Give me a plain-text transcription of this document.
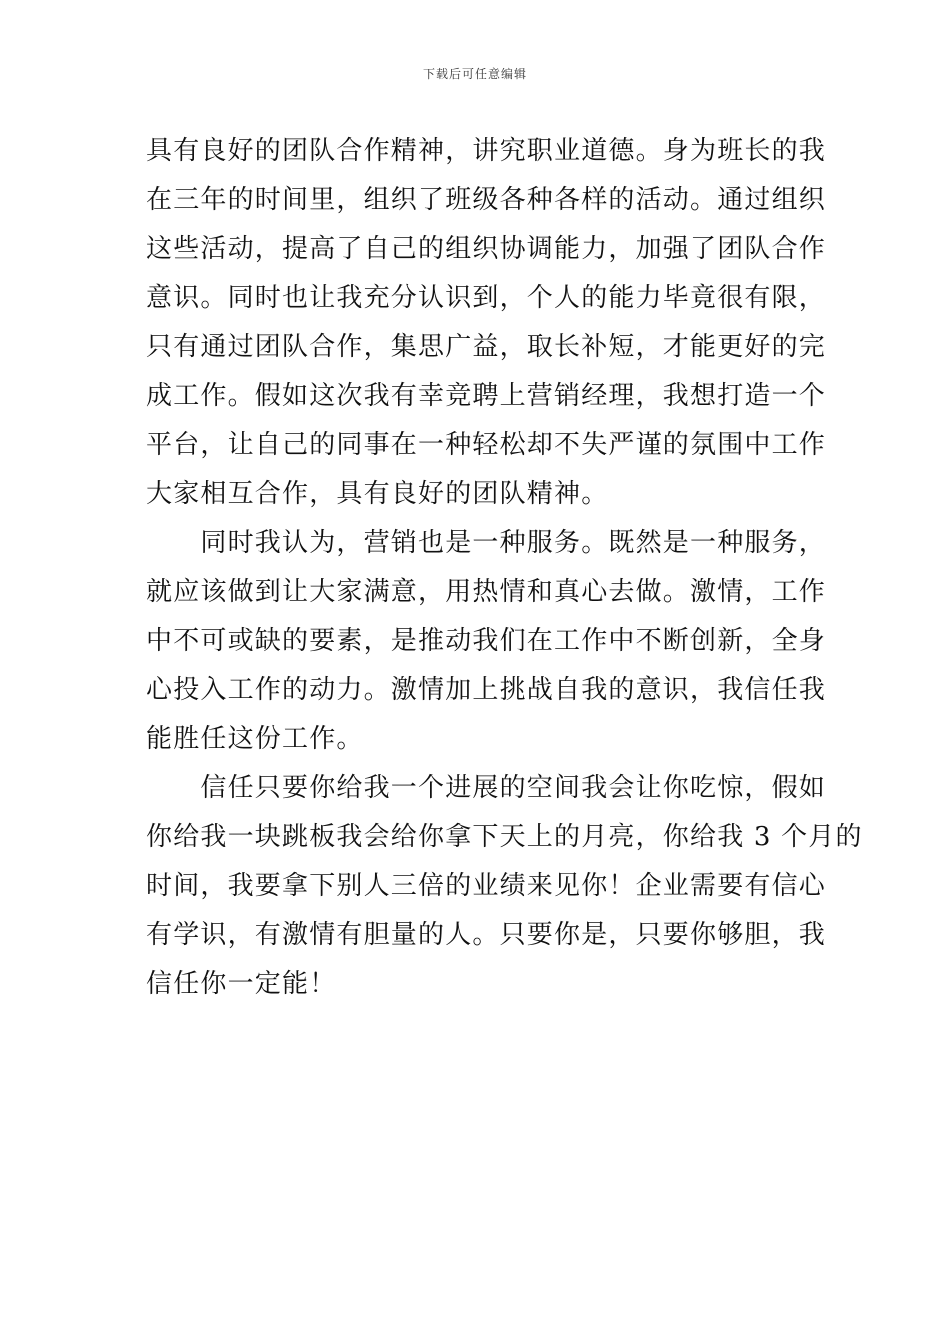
下载后可任意编辑
具有良好的团队合作精神，讲究职业道德。身为班长的我
在三年的时间里，组织了班级各种各样的活动。通过组织
这些活动，提高了自己的组织协调能力，加强了团队合作
意识。同时也让我充分认识到，个人的能力毕竟很有限，
只有通过团队合作，集思广益，取长补短，才能更好的完
成工作。假如这次我有幸竞聘上营销经理，我想打造一个
平台，让自己的同事在一种轻松却不失严谨的氛围中工作
大家相互合作，具有良好的团队精神。
　　同时我认为，营销也是一种服务。既然是一种服务，
就应该做到让大家满意，用热情和真心去做。激情，工作
中不可或缺的要素，是推动我们在工作中不断创新，全身
心投入工作的动力。激情加上挑战自我的意识，我信任我
能胜任这份工作。
　　信任只要你给我一个进展的空间我会让你吃惊，假如
你给我一块跳板我会给你拿下天上的月亮，你给我 3 个月的
时间，我要拿下别人三倍的业绩来见你！企业需要有信心
有学识，有激情有胆量的人。只要你是，只要你够胆，我
信任你一定能！
